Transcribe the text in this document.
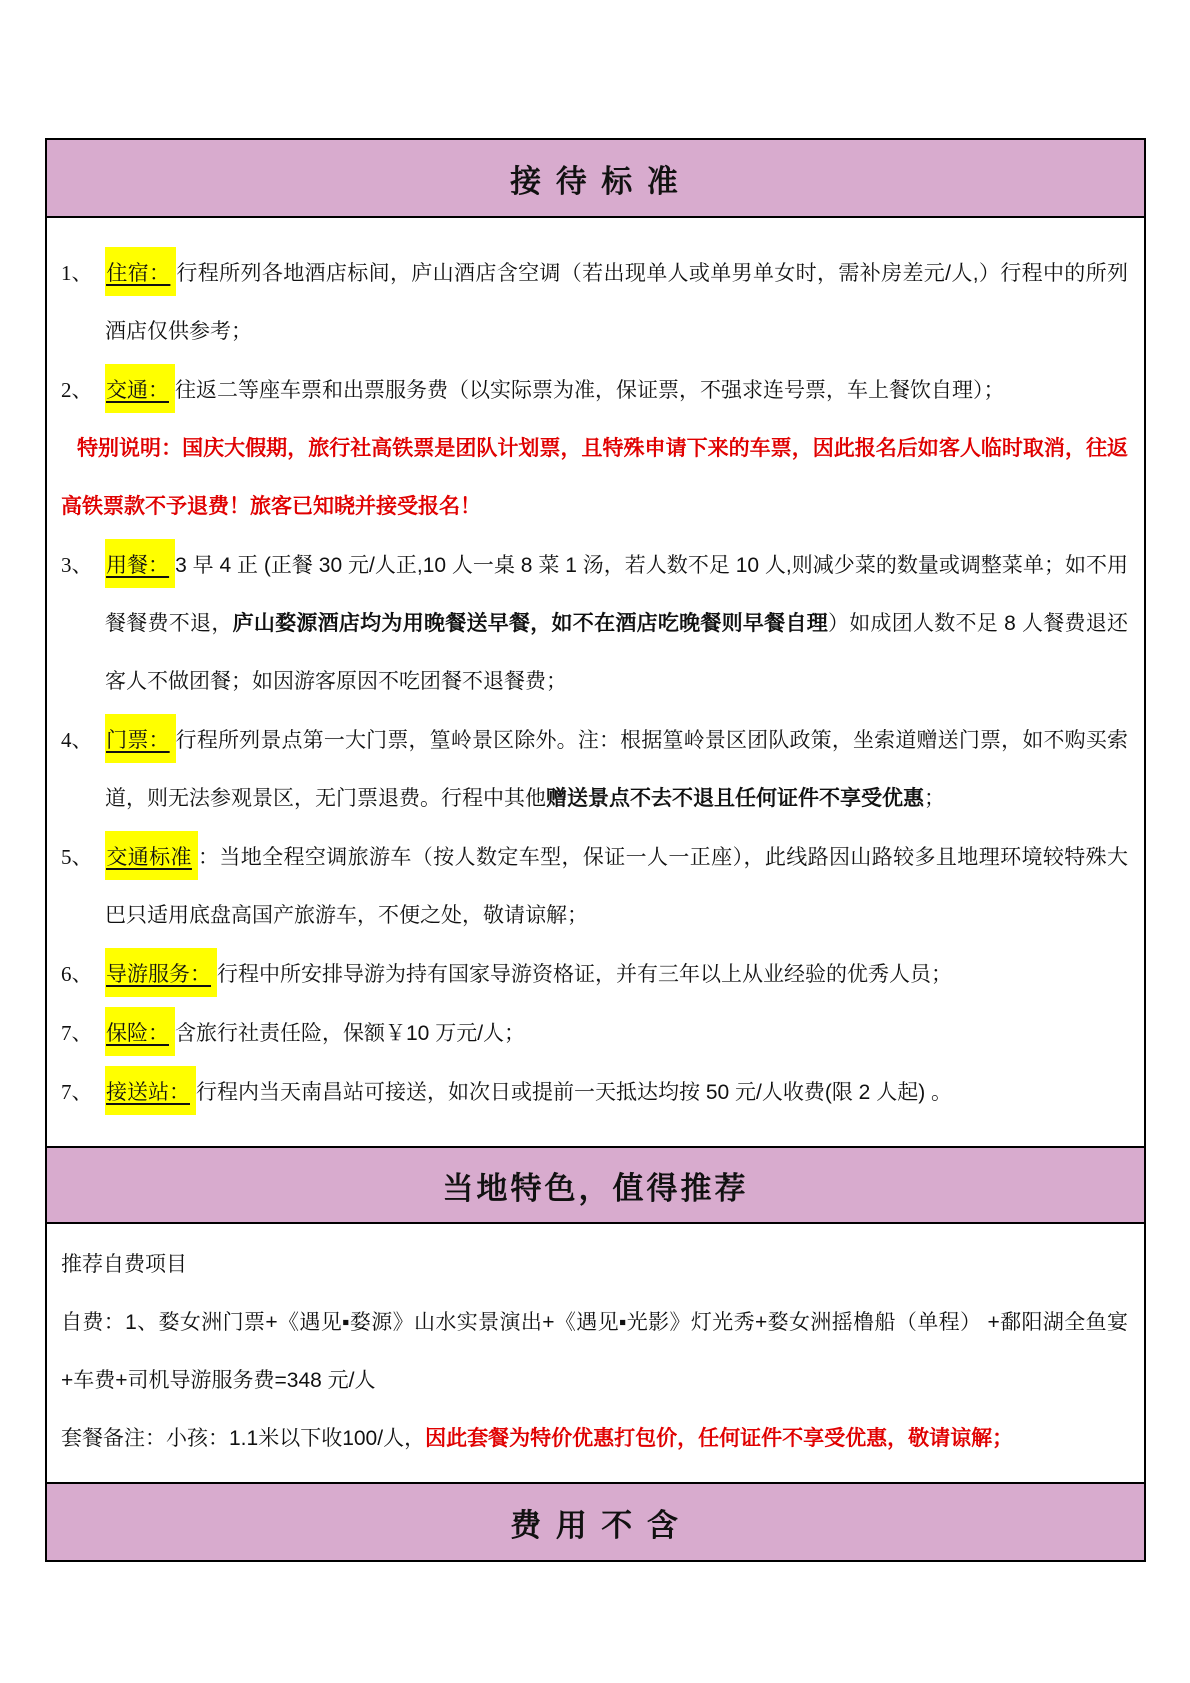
接 待 标 准

1、 住宿： 行程所列各地酒店标间，庐山酒店含空调（若出现单人或单男单女时，需补房差元/人,）行程中的所列酒店仅供参考；

2、 交通： 往返二等座车票和出票服务费（以实际票为准，保证票，不强求连号票，车上餐饮自理）；

特别说明：国庆大假期，旅行社高铁票是团队计划票，且特殊申请下来的车票，因此报名后如客人临时取消，往返高铁票款不予退费！旅客已知晓并接受报名！

3、 用餐： 3 早 4 正 (正餐 30 元/人正,10 人一桌 8 菜 1 汤，若人数不足 10 人,则减少菜的数量或调整菜单；如不用餐餐费不退，庐山婺源酒店均为用晚餐送早餐，如不在酒店吃晚餐则早餐自理）如成团人数不足 8 人餐费退还客人不做团餐；如因游客原因不吃团餐不退餐费；

4、 门票： 行程所列景点第一大门票，篁岭景区除外。注：根据篁岭景区团队政策，坐索道赠送门票，如不购买索道，则无法参观景区，无门票退费。行程中其他赠送景点不去不退且任何证件不享受优惠；

5、 交通标准 ：当地全程空调旅游车（按人数定车型，保证一人一正座），此线路因山路较多且地理环境较特殊大巴只适用底盘高国产旅游车，不便之处，敬请谅解；

6、 导游服务： 行程中所安排导游为持有国家导游资格证，并有三年以上从业经验的优秀人员；

7、 保险： 含旅行社责任险，保额￥10 万元/人；

7、 接送站： 行程内当天南昌站可接送，如次日或提前一天抵达均按 50 元/人收费(限 2 人起) 。

当地特色，值得推荐

推荐自费项目

自费：1、婺女洲门票+《遇见▪婺源》山水实景演出+《遇见▪光影》灯光秀+婺女洲摇橹船（单程） +鄱阳湖全鱼宴+车费+司机导游服务费=348 元/人

套餐备注：小孩：1.1米以下收100/人，因此套餐为特价优惠打包价，任何证件不享受优惠，敬请谅解；

费 用 不 含
